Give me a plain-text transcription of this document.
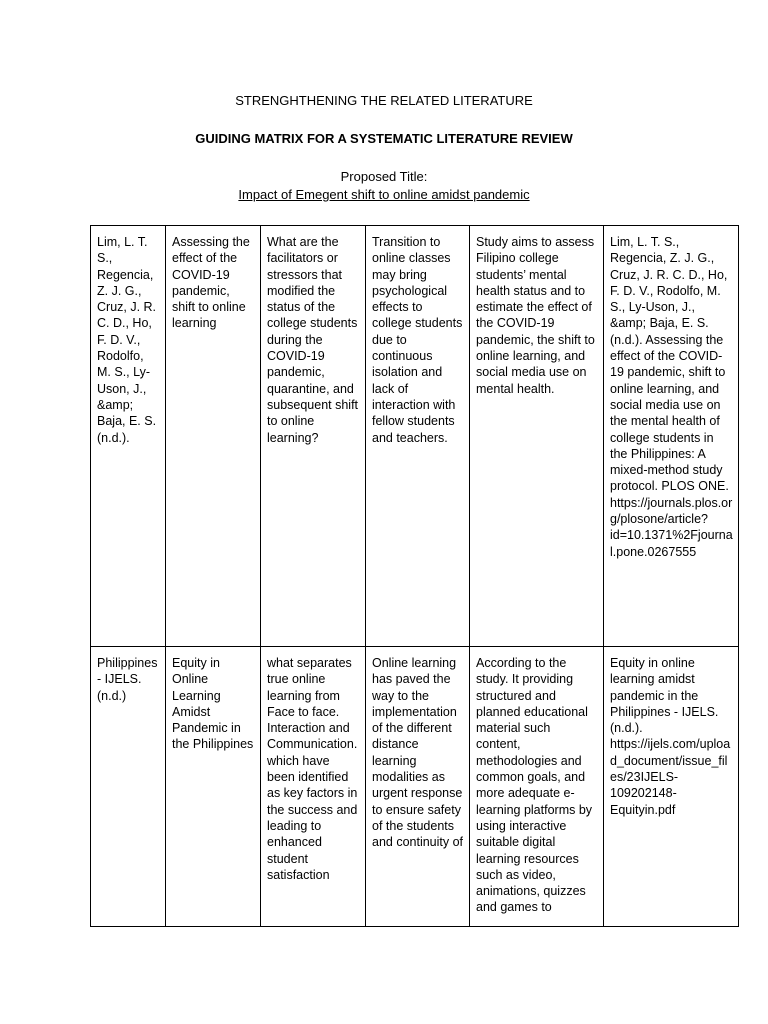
STRENGHTHENING THE RELATED LITERATURE
GUIDING MATRIX FOR A SYSTEMATIC LITERATURE REVIEW
Proposed Title:
Impact of Emegent shift to online amidst pandemic
Lim, L. T. S., Regencia, Z. J. G., Cruz, J. R. C. D., Ho, F. D. V., Rodolfo, M. S., Ly-Uson, J., &amp; Baja, E. S. (n.d.).	Assessing the effect of the COVID-19 pandemic, shift to online learning	What are the facilitators or stressors that modified the status of the college students during the COVID-19 pandemic, quarantine, and subsequent shift to online learning?	Transition to online classes may bring psychological effects to college students due to continuous isolation and lack of interaction with fellow students and teachers.	Study aims to assess Filipino college students’ mental health status and to estimate the effect of the COVID-19 pandemic, the shift to online learning, and social media use on mental health.	Lim, L. T. S., Regencia, Z. J. G., Cruz, J. R. C. D., Ho, F. D. V., Rodolfo, M. S., Ly-Uson, J., &amp; Baja, E. S. (n.d.). Assessing the effect of the COVID-19 pandemic, shift to online learning, and social media use on the mental health of college students in the Philippines: A mixed-method study protocol. PLOS ONE. https://journals.plos.org/plosone/article?id=10.1371%2Fjournal.pone.0267555
Philippines - IJELS. (n.d.)	Equity in Online Learning Amidst Pandemic in the Philippines	what separates true online learning from Face to face. Interaction and Communication. which have been identified as key factors in the success and leading to enhanced student satisfaction	Online learning has paved the way to the implementation of the different distance learning modalities as urgent response to ensure safety of the students and continuity of	According to the study. It providing structured and planned educational material such content, methodologies and common goals, and more adequate e-learning platforms by using interactive suitable digital learning resources such as video, animations, quizzes and games to	Equity in online learning amidst pandemic in the Philippines - IJELS. (n.d.). https://ijels.com/upload_document/issue_files/23IJELS-109202148-Equityin.pdf
